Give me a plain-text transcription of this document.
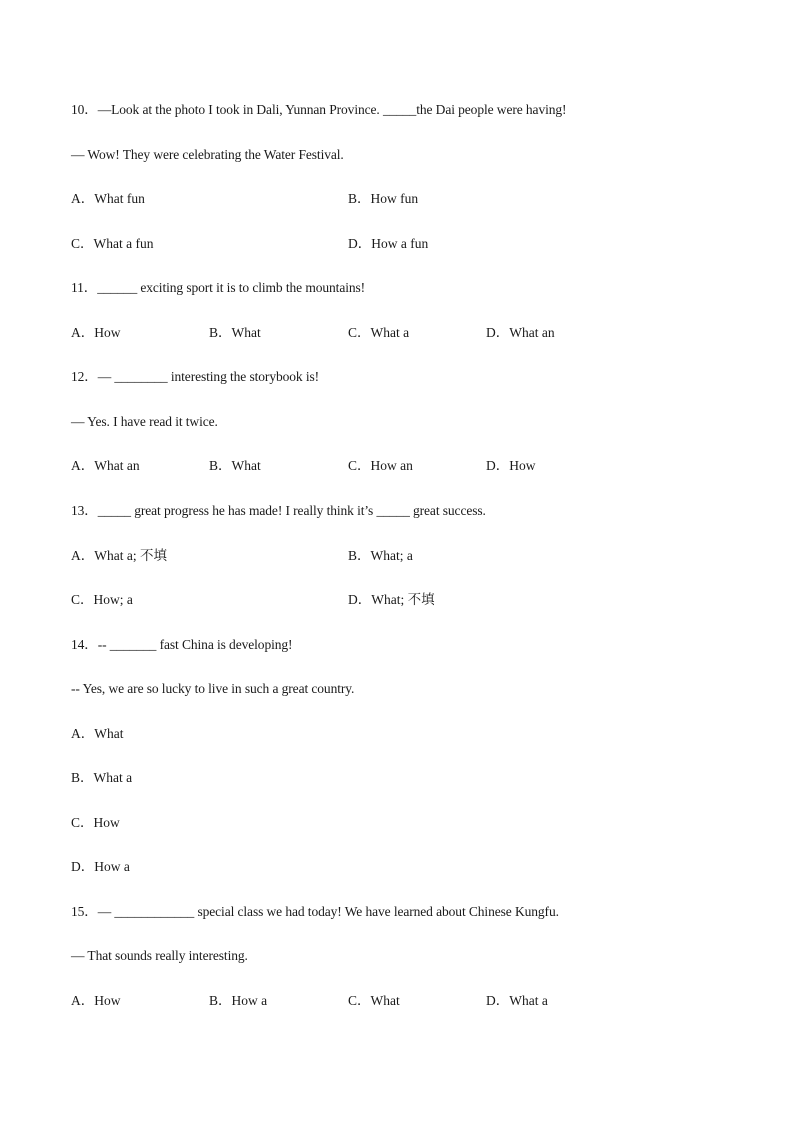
10．—Look at the photo I took in Dali, Yunnan Province. _____the Dai people were having!
— Wow! They were celebrating the Water Festival.
A．What fun	B．How fun
C．What a fun	D．How a fun
11．______ exciting sport it is to climb the mountains!
A．How	B．What	C．What a	D．What an
12．— ________ interesting the storybook is!
— Yes. I have read it twice.
A．What an	B．What	C．How an	D．How
13．_____ great progress he has made! I really think it’s _____ great success.
A．What a; 不填	B．What; a
C．How; a	D．What; 不填
14．-- _______ fast China is developing!
-- Yes, we are so lucky to live in such a great country.
A．What
B．What a
C．How
D．How a
15．— ____________ special class we had today! We have learned about Chinese Kungfu.
— That sounds really interesting.
A．How	B．How a	C．What	D．What a
